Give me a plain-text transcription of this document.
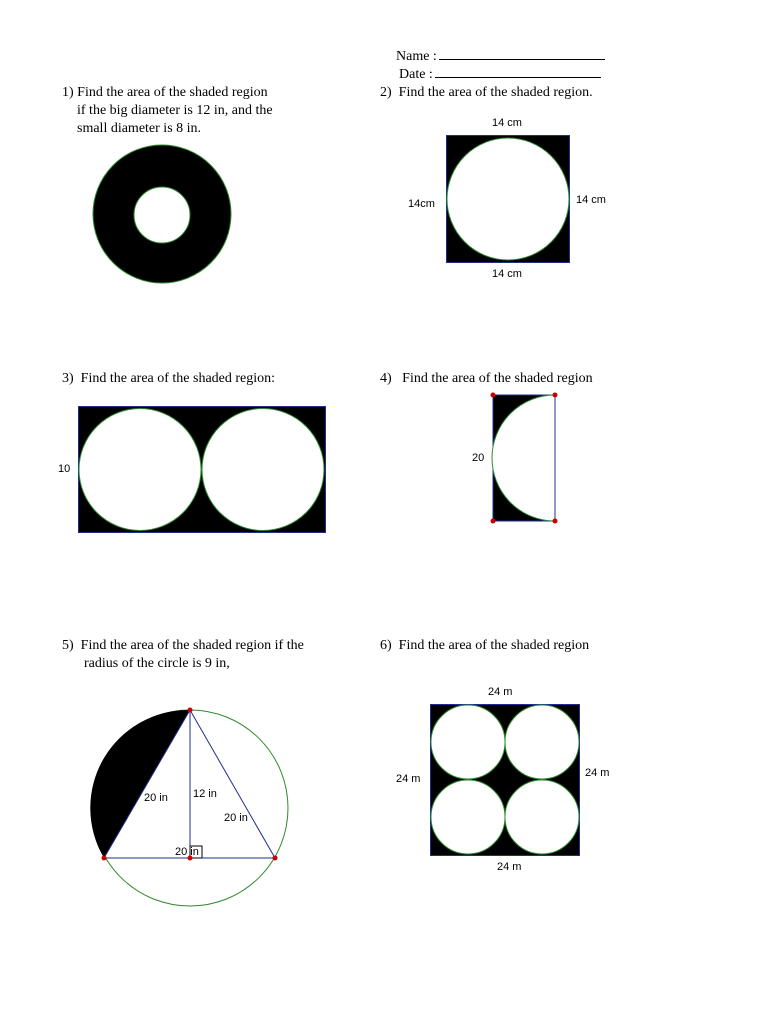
Name :
Date :
1) Find the area of the shaded region
if the big diameter is 12 in, and the
small diameter is 8 in.
2) Find the area of the shaded region.
14 cm
14cm	14 cm
14 cm
3) Find the area of the shaded region:
10
4) Find the area of the shaded region
20
5) Find the area of the shaded region if the
radius of the circle is 9 in,
20 in 12 in
20 in
20 in
6) Find the area of the shaded region
24 m
24 m	24 m
24 m
